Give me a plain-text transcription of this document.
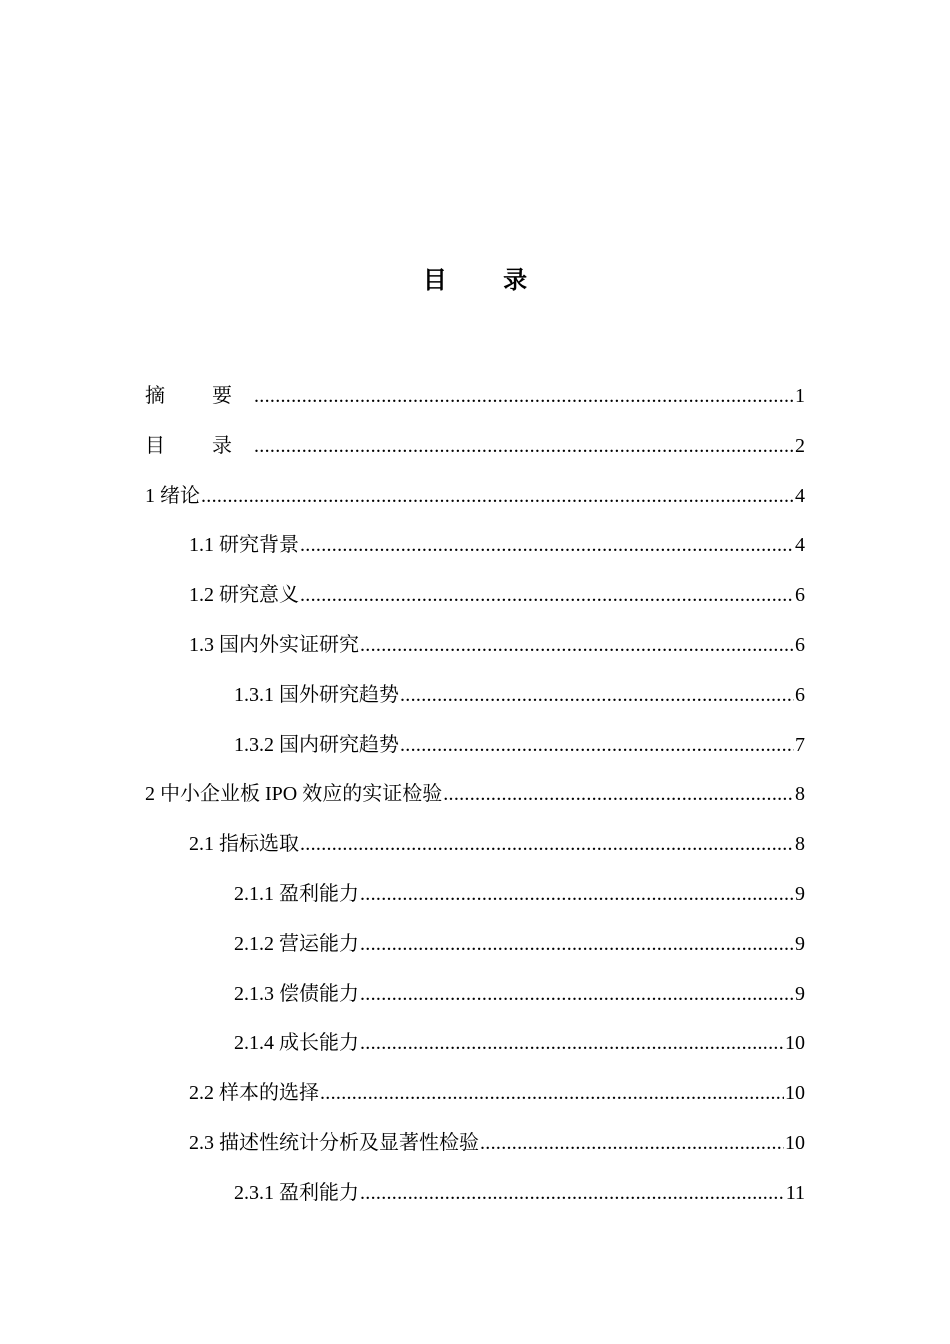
目 录
摘 要 .....	1
目 录 .....	2
1 绪论 .....	4
1.1 研究背景 .....	4
1.2 研究意义 .....	6
1.3 国内外实证研究 .....	6
1.3.1 国外研究趋势 .....	6
1.3.2 国内研究趋势 .....	7
2 中小企业板 IPO 效应的实证检验 .....	8
2.1 指标选取 .....	8
2.1.1 盈利能力 .....	9
2.1.2 营运能力 .....	9
2.1.3 偿债能力 .....	9
2.1.4 成长能力 .....	10
2.2 样本的选择 .....	10
2.3 描述性统计分析及显著性检验 .....	10
2.3.1 盈利能力 .....	11
